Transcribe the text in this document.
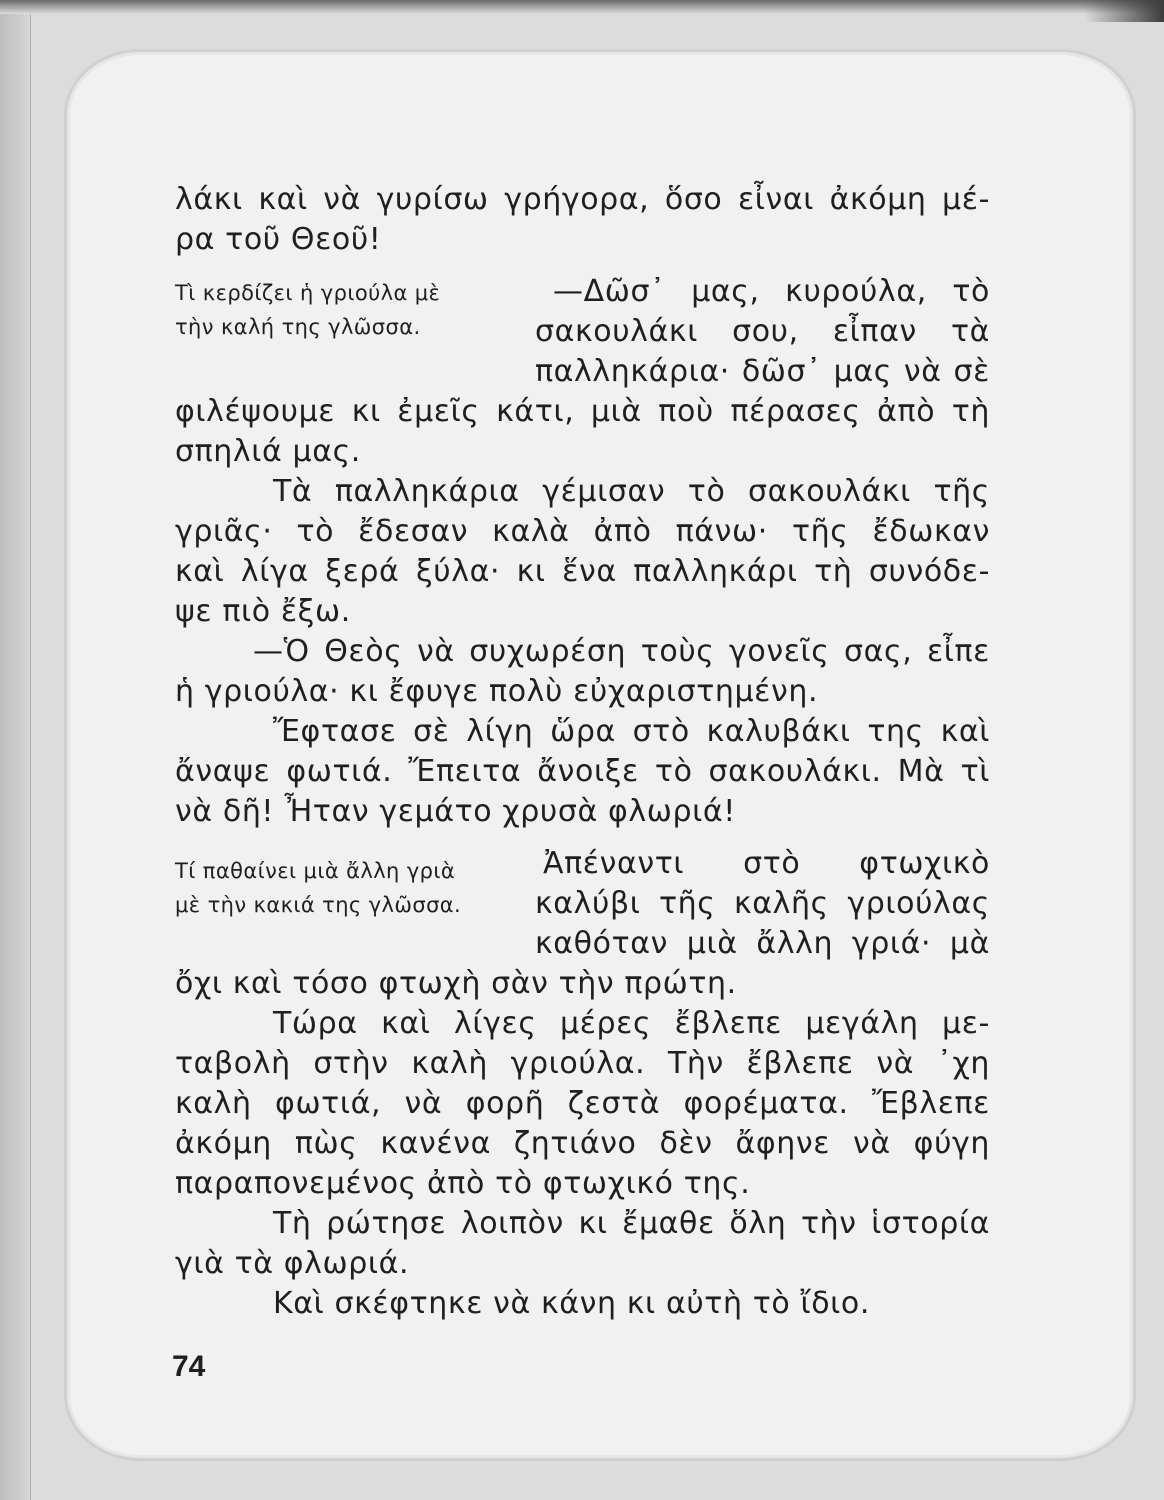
λάκι καὶ νὰ γυρίσω γρήγορα, ὅσο εἶναι ἀκόμη μέ-
ρα τοῦ Θεοῦ!
Τὶ κερδίζει ἡ γριούλα μὲ
τὴν καλή της γλῶσσα.
—Δῶσ᾽ μας, κυρούλα, τὸ
σακουλάκι σου, εἶπαν τὰ
παλληκάρια· δῶσ᾽ μας νὰ σὲ
φιλέψουμε κι ἐμεῖς κάτι, μιὰ ποὺ πέρασες ἀπὸ τὴ
σπηλιά μας.
Τὰ παλληκάρια γέμισαν τὸ σακουλάκι τῆς
γριᾶς· τὸ ἔδεσαν καλὰ ἀπὸ πάνω· τῆς ἔδωκαν
καὶ λίγα ξερά ξύλα· κι ἕνα παλληκάρι τὴ συνόδε-
ψε πιὸ ἔξω.
—Ὁ Θεὸς νὰ συχωρέση τοὺς γονεῖς σας, εἶπε
ἡ γριούλα· κι ἔφυγε πολὺ εὐχαριστημένη.
Ἔφτασε σὲ λίγη ὥρα στὸ καλυβάκι της καὶ
ἄναψε φωτιά. Ἔπειτα ἄνοιξε τὸ σακουλάκι. Μὰ τὶ
νὰ δῆ! Ἦταν γεμάτο χρυσὰ φλωριά!
Τί παθαίνει μιὰ ἄλλη γριὰ
μὲ τὴν κακιά της γλῶσσα.
Ἀπέναντι στὸ φτωχικὸ
καλύβι τῆς καλῆς γριούλας
καθόταν μιὰ ἄλλη γριά· μὰ
ὄχι καὶ τόσο φτωχὴ σὰν τὴν πρώτη.
Τώρα καὶ λίγες μέρες ἔβλεπε μεγάλη με-
ταβολὴ στὴν καλὴ γριούλα. Τὴν ἔβλεπε νὰ ᾽χη
καλὴ φωτιά, νὰ φορῆ ζεστὰ φορέματα. Ἔβλεπε
ἀκόμη πὼς κανένα ζητιάνο δὲν ἄφηνε νὰ φύγη
παραπονεμένος ἀπὸ τὸ φτωχικό της.
Τὴ ρώτησε λοιπὸν κι ἔμαθε ὅλη τὴν ἱστορία
γιὰ τὰ φλωριά.
Καὶ σκέφτηκε νὰ κάνη κι αὐτὴ τὸ ἴδιο.
74
